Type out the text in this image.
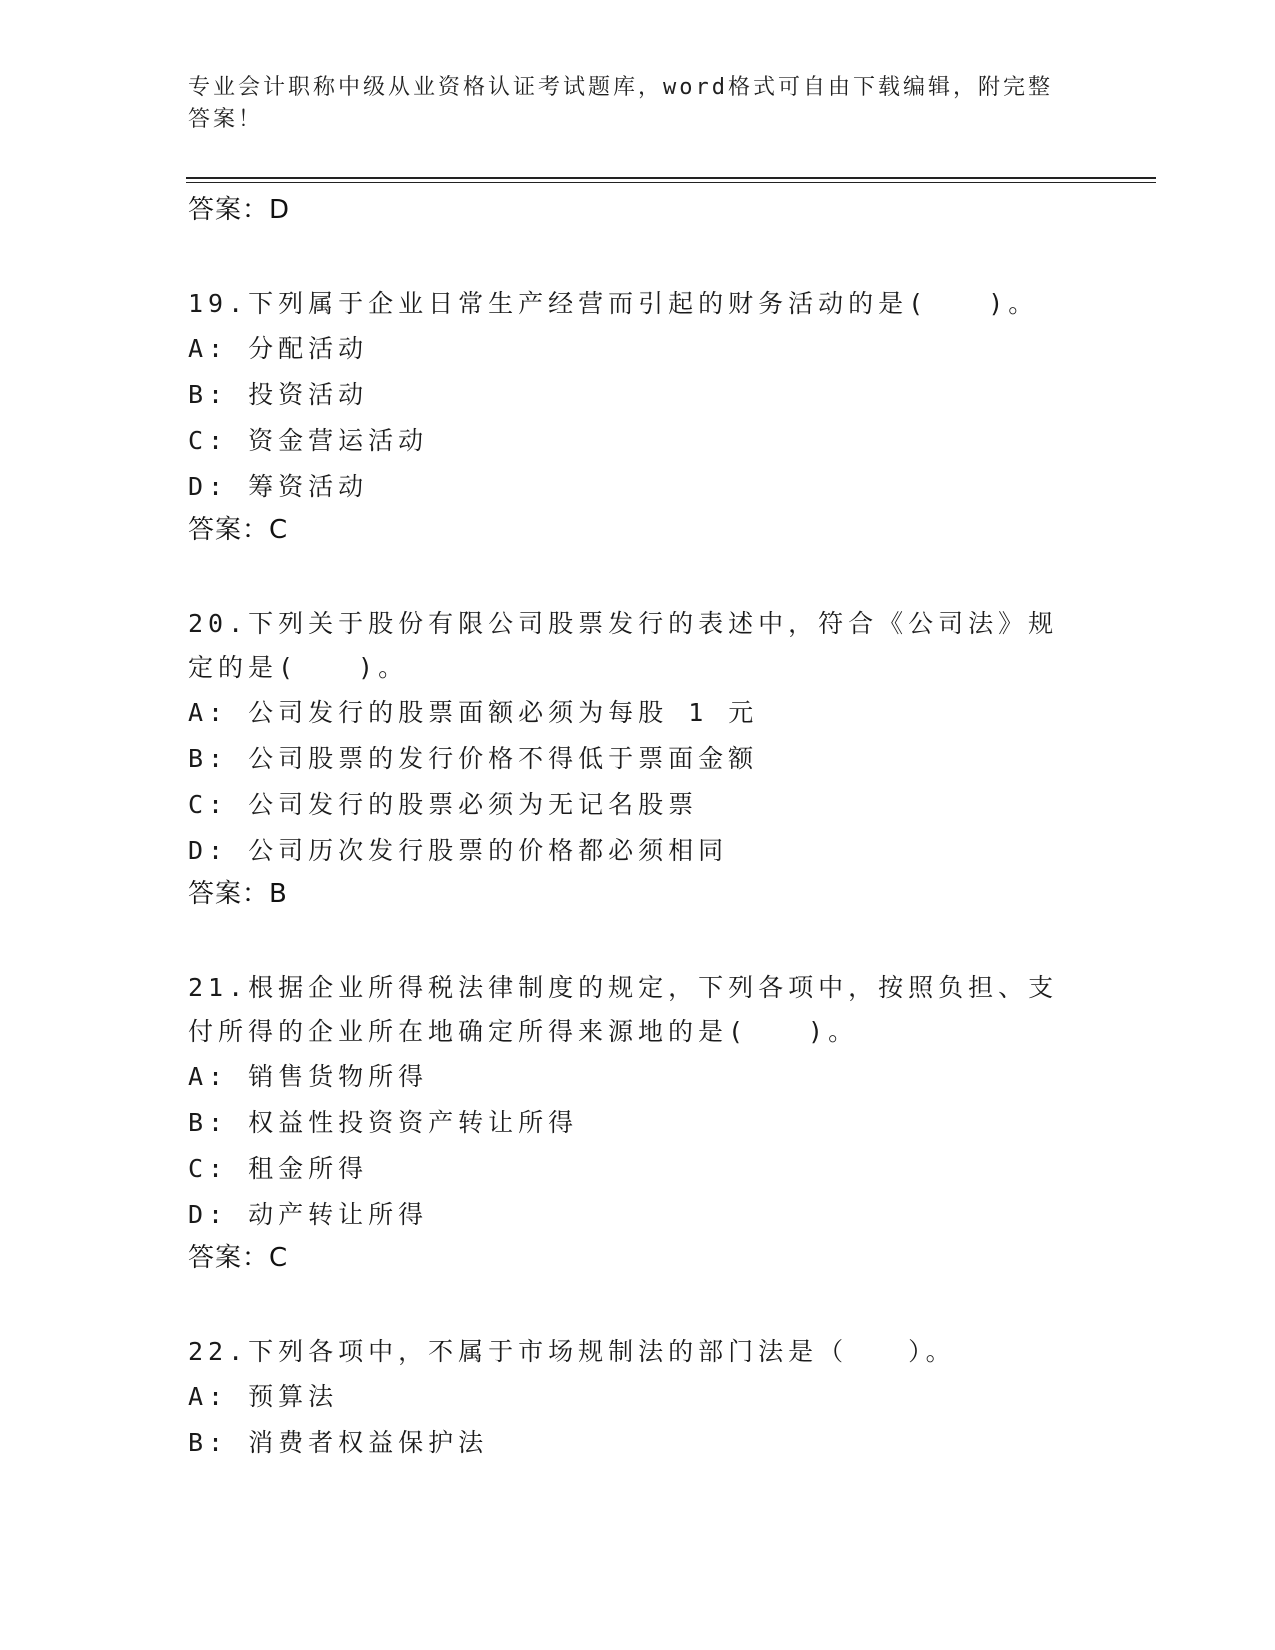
专业会计职称中级从业资格认证考试题库，word格式可自由下载编辑，附完整答案！
答案：D
19.下列属于企业日常生产经营而引起的财务活动的是(　　)。
A: 分配活动
B: 投资活动
C: 资金营运活动
D: 筹资活动
答案：C
20.下列关于股份有限公司股票发行的表述中，符合《公司法》规定的是(　　)。
A: 公司发行的股票面额必须为每股 1 元
B: 公司股票的发行价格不得低于票面金额
C: 公司发行的股票必须为无记名股票
D: 公司历次发行股票的价格都必须相同
答案：B
21.根据企业所得税法律制度的规定，下列各项中，按照负担、支付所得的企业所在地确定所得来源地的是(　　)。
A: 销售货物所得
B: 权益性投资资产转让所得
C: 租金所得
D: 动产转让所得
答案：C
22.下列各项中，不属于市场规制法的部门法是（　　）。
A: 预算法
B: 消费者权益保护法
